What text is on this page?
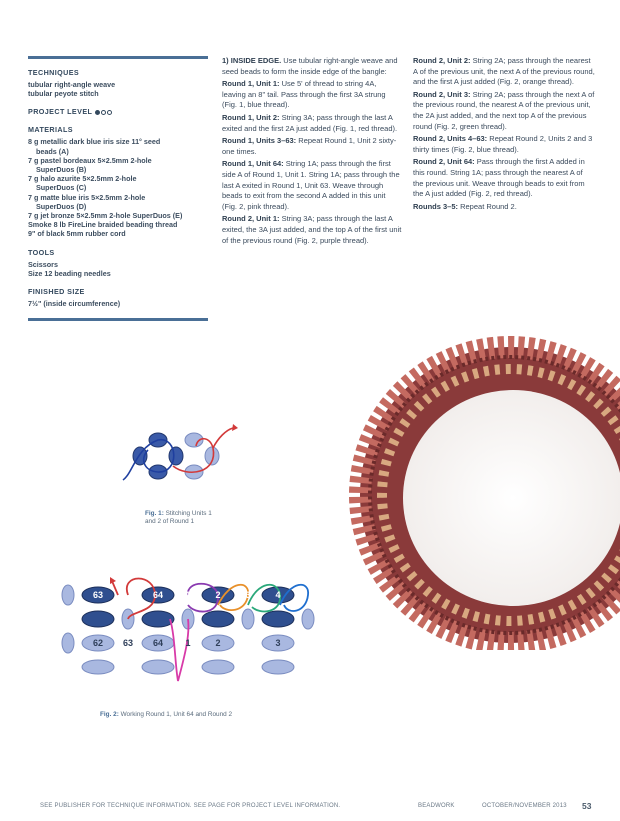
TECHNIQUES

tubular right-angle weave

tubular peyote stitch

PROJECT LEVEL
MATERIALS

8 g metallic dark blue iris size 11° seed

beads (A)

7 g pastel bordeaux 5×2.5mm 2-hole

SuperDuos (B)

7 g halo azurite 5×2.5mm 2-hole

SuperDuos (C)

7 g matte blue iris 5×2.5mm 2-hole

SuperDuos (D)

7 g jet bronze 5×2.5mm 2-hole SuperDuos (E)

Smoke 8 lb FireLine braided beading thread

9" of black 5mm rubber cord

TOOLS

Scissors

Size 12 beading needles

FINISHED SIZE

7½" (inside circumference)

1) INSIDE EDGE. Use tubular right-angle weave and seed beads to form the inside edge of the bangle:

Round 1, Unit 1: Use 5' of thread to string 4A, leaving an 8" tail. Pass through the first 3A strung (Fig. 1, blue thread).

Round 1, Unit 2: String 3A; pass through the last A exited and the first 2A just added (Fig. 1, red thread).

Round 1, Units 3–63: Repeat Round 1, Unit 2 sixty-one times.

Round 1, Unit 64: String 1A; pass through the first side A of Round 1, Unit 1. String 1A; pass through the last A exited in Round 1, Unit 63. Weave through beads to exit from the second A added in this unit (Fig. 2, pink thread).

Round 2, Unit 1: String 3A; pass through the last A exited, the 3A just added, and the top A of the first unit of the previous round (Fig. 2, purple thread).

Round 2, Unit 2: String 2A; pass through the nearest A of the previous unit, the next A of the previous round, and the first A just added (Fig. 2, orange thread).

Round 2, Unit 3: String 2A; pass through the next A of the previous round, the nearest A of the previous unit, the 2A just added, and the next top A of the previous round (Fig. 2, green thread).

Round 2, Units 4–63: Repeat Round 2, Units 2 and 3 thirty times (Fig. 2, blue thread).

Round 2, Unit 64: Pass through the first A added in this round. String 1A; pass through the nearest A of the previous unit. Weave through beads to exit from the A just added (Fig. 2, red thread).

Rounds 3–5: Repeat Round 2.

Fig. 1: Stitching Units 1
and 2 of Round 1
63	64 1	2	3	4
62 63 64 1	2	3
Fig. 2: Working Round 1, Unit 64 and Round 2
SEE PUBLISHER FOR TECHNIQUE INFORMATION. SEE PAGE FOR PROJECT LEVEL INFORMATION.	BEADWORK	OCTOBER/NOVEMBER 2013 53
